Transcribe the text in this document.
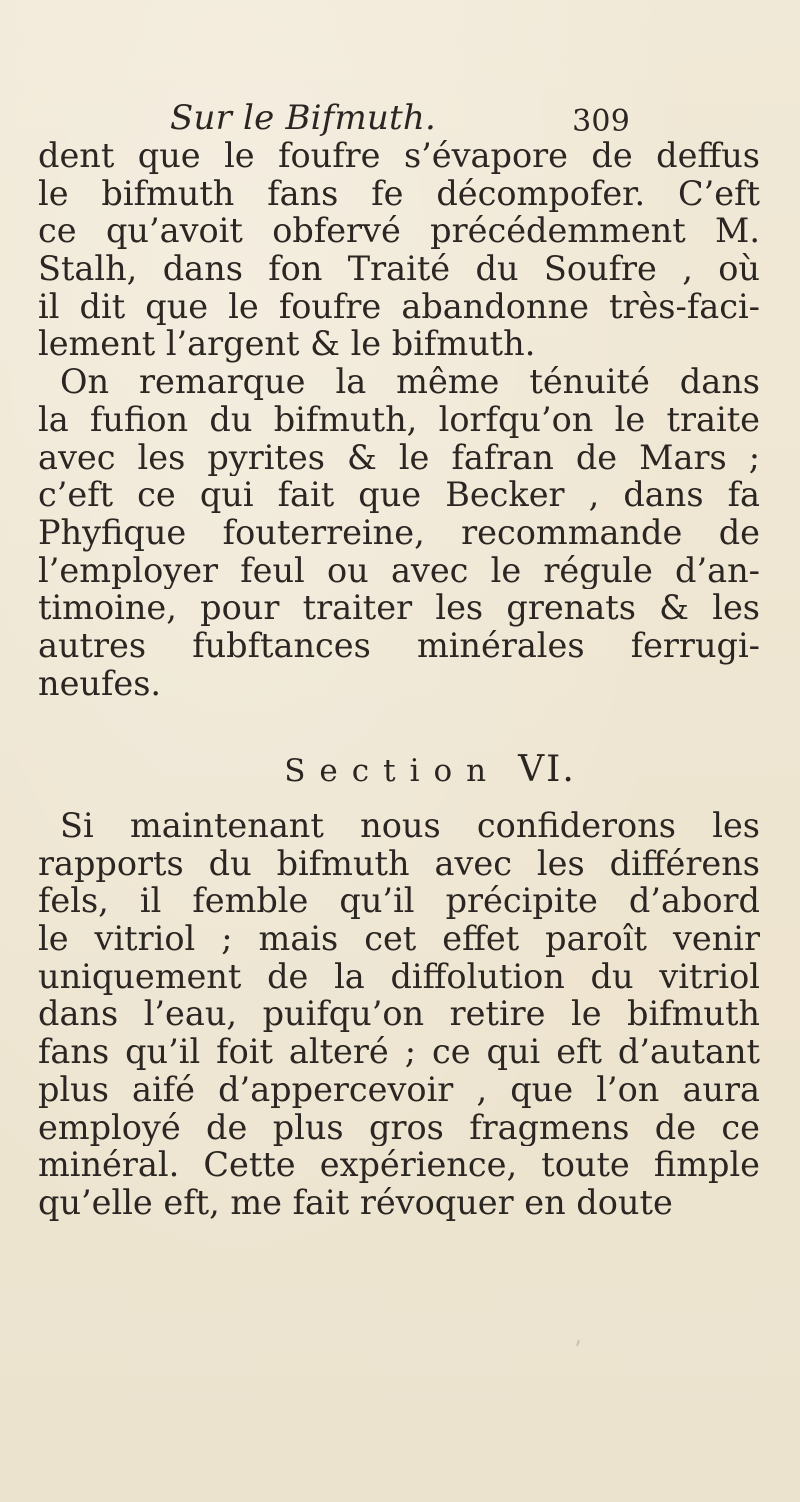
Sur le Bifmuth.	309
dent que le foufre s’évapore de deffus
le bifmuth fans fe décompofer. C’eft
ce qu’avoit obfervé précédemment M.
Stalh, dans fon Traité du Soufre , où
il dit que le foufre abandonne très-faci-
lement l’argent & le bifmuth.
On remarque la même ténuité dans
la fufion du bifmuth, lorfqu’on le traite
avec les pyrites & le fafran de Mars ;
c’eft ce qui fait que Becker , dans fa
Phyfique fouterreine, recommande de
l’employer feul ou avec le régule d’an-
timoine, pour traiter les grenats & les
autres fubftances minérales ferrugi-
neufes.
Section VI.
Si maintenant nous confiderons les
rapports du bifmuth avec les différens
fels, il femble qu’il précipite d’abord
le vitriol ; mais cet effet paroît venir
uniquement de la diffolution du vitriol
dans l’eau, puifqu’on retire le bifmuth
fans qu’il foit alteré ; ce qui eft d’autant
plus aifé d’appercevoir , que l’on aura
employé de plus gros fragmens de ce
minéral. Cette expérience, toute fimple
qu’elle eft, me fait révoquer en doute
